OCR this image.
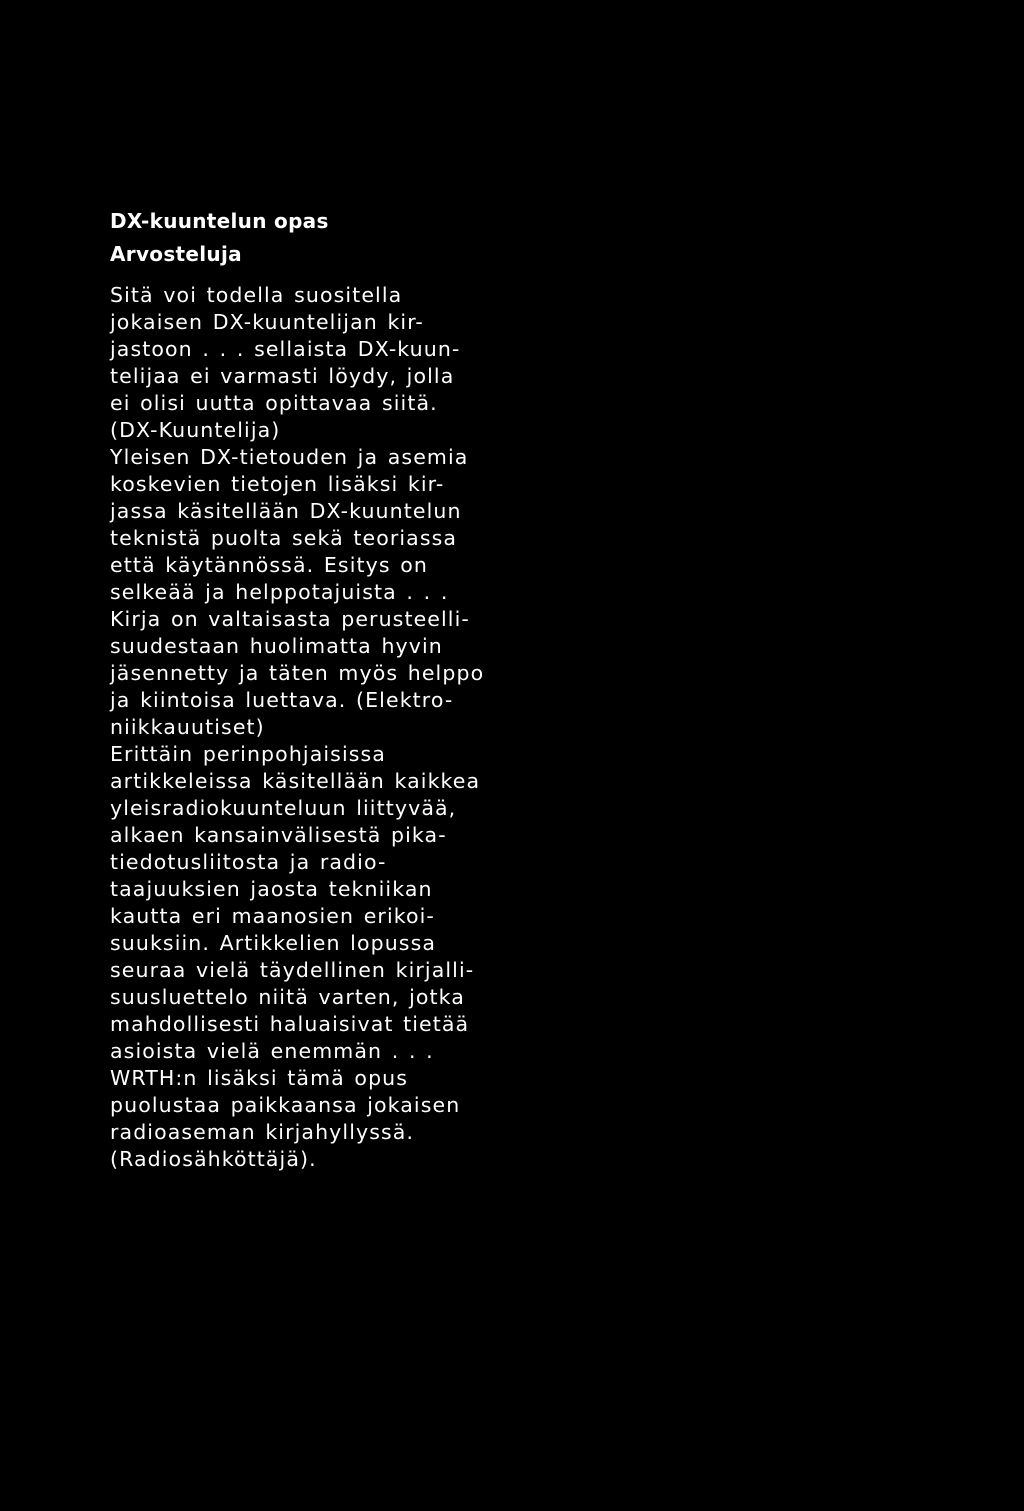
DX-kuuntelun opas
Arvosteluja
Sitä voi todella suositella
jokaisen DX-kuuntelijan kir-
jastoon . . . sellaista DX-kuun-
telijaa ei varmasti löydy, jolla
ei olisi uutta opittavaa siitä.
(DX-Kuuntelija)
Yleisen DX-tietouden ja asemia
koskevien tietojen lisäksi kir-
jassa käsitellään DX-kuuntelun
teknistä puolta sekä teoriassa
että käytännössä. Esitys on
selkeää ja helppotajuista . . .
Kirja on valtaisasta perusteelli-
suudestaan huolimatta hyvin
jäsennetty ja täten myös helppo
ja kiintoisa luettava. (Elektro-
niikkauutiset)
Erittäin perinpohjaisissa
artikkeleissa käsitellään kaikkea
yleisradiokuunteluun liittyvää,
alkaen kansainvälisestä pika-
tiedotusliitosta ja radio-
taajuuksien jaosta tekniikan
kautta eri maanosien erikoi-
suuksiin. Artikkelien lopussa
seuraa vielä täydellinen kirjalli-
suusluettelo niitä varten, jotka
mahdollisesti haluaisivat tietää
asioista vielä enemmän . . .
WRTH:n lisäksi tämä opus
puolustaa paikkaansa jokaisen
radioaseman kirjahyllyssä.
(Radiosähköttäjä).
